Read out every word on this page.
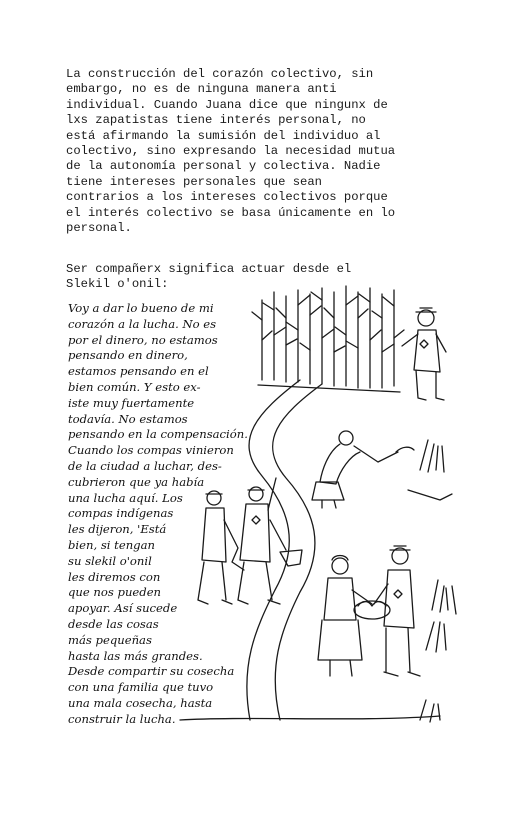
La construcción del corazón colectivo, sin
embargo, no es de ninguna manera anti
individual. Cuando Juana dice que ningunx de
lxs zapatistas tiene interés personal, no
está afirmando la sumisión del individuo al
colectivo, sino expresando la necesidad mutua
de la autonomía personal y colectiva. Nadie
tiene intereses personales que sean
contrarios a los intereses colectivos porque
el interés colectivo se basa únicamente en lo
personal.
Ser compañerx significa actuar desde el
Slekil o'onil:
Voy a dar lo bueno de mi
corazón a la lucha. No es
por el dinero, no estamos
pensando en dinero,
estamos pensando en el
bien común. Y esto ex-
iste muy fuertamente
todavía. No estamos
pensando en la compensación.
Cuando los compas vinieron
de la ciudad a luchar, des-
cubrieron que ya había
una lucha aquí. Los
compas indígenas
les dijeron, 'Está
bien, si tengan
su slekil o'onil
les diremos con
que nos pueden
apoyar. Así sucede
desde las cosas
más pequeñas
hasta las más grandes.
Desde compartir su cosecha
con una familia que tuvo
una mala cosecha, hasta
construir la lucha.
